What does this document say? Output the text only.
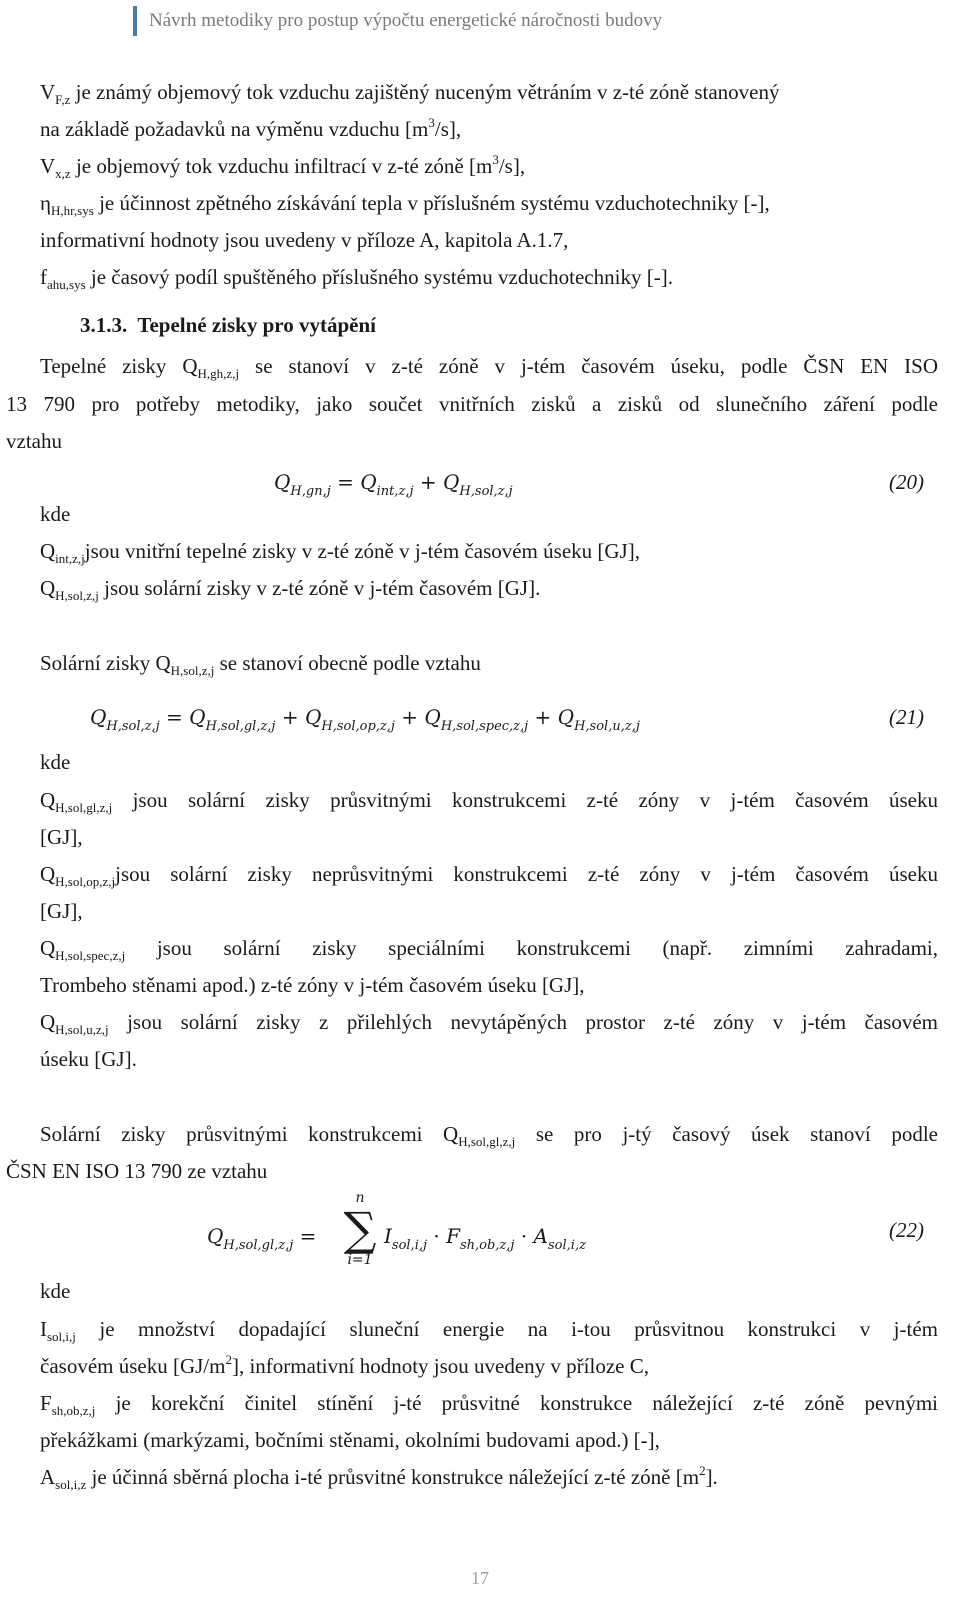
Návrh metodiky pro postup výpočtu energetické náročnosti budovy
$V_{F,z}$ je známý objemový tok vzduchu zajištěný nuceným větráním v z-té zóně stanovený
na základě požadavků na výměnu vzduchu $[m^3/s]$,
$V_{x,z}$ je objemový tok vzduchu infiltrací v z-té zóně $[m^3/s]$,
$\eta_{H,hr,sys}$ je účinnost zpětného získávání tepla v příslušném systému vzduchotechniky [-],
informativní hodnoty jsou uvedeny v příloze A, kapitola A.1.7,
$f_{ahu,sys}$ je časový podíl spuštěného příslušného systému vzduchotechniky [-].
3.1.3. Tepelné zisky pro vytápění
Tepelné zisky $Q_{H,gh,z,j}$ se stanoví v z-té zóně v j-tém časovém úseku, podle ČSN EN ISO
13 790 pro potřeby metodiky, jako součet vnitřních zisků a zisků od slunečního záření podle
vztahu
$Q_{H,gn,j} = Q_{int,z,j} + Q_{H,sol,z,j}$	(20)
kde
$Q_{int,z,j}jsou$ vnitřní tepelné zisky v z-té zóně v j-tém časovém úseku [GJ],
$Q_{H,sol,z,j}$ jsou solární zisky v z-té zóně v j-tém časovém [GJ].
Solární zisky $Q_{H,sol,z,j}$ se stanoví obecně podle vztahu
$Q_{H,sol,z,j} = Q_{H,sol,gl,z,j} + Q_{H,sol,op,z,j} + Q_{H,sol,spec,z,j} + Q_{H,sol,u,z,j}$	(21)
kde
$Q_{H,sol,gl,z,j}$ jsou solární zisky průsvitnými konstrukcemi z-té zóny v j-tém časovém úseku
[GJ],
$Q_{H,sol,op,z,j}jsou$ solární zisky neprůsvitnými konstrukcemi z-té zóny v j-tém časovém úseku
[GJ],
$Q_{H,sol,spec,z,j}$ jsou solární zisky speciálními konstrukcemi (např. zimními zahradami,
Trombeho stěnami apod.) z-té zóny v j-tém časovém úseku [GJ],
$Q_{H,sol,u,z,j}$ jsou solární zisky z přilehlých nevytápěných prostor z-té zóny v j-tém časovém
úseku [GJ].
Solární zisky průsvitnými konstrukcemi $Q_{H,sol,gl,z,j}$ se pro j-tý časový úsek stanoví podle
ČSN EN ISO 13 790 ze vztahu
$Q_{H,sol,gl,z,j}$ =
n
∑
i=1
$I_{sol,i,j} \cdot F_{sh,ob,z,j} \cdot A_{sol,i,z}$
(22)
kde
$I_{sol,i,j}$ je množství dopadající sluneční energie na i-tou průsvitnou konstrukci v j-tém
časovém úseku $[GJ/m^2]$, informativní hodnoty jsou uvedeny v příloze C,
$F_{sh,ob,z,j}$ je korekční činitel stínění j-té průsvitné konstrukce náležející z-té zóně pevnými
překážkami (markýzami, bočními stěnami, okolními budovami apod.) [-],
$A_{sol,i,z}$ je účinná sběrná plocha i-té průsvitné konstrukce náležející z-té zóně $[m^2]$.
17
